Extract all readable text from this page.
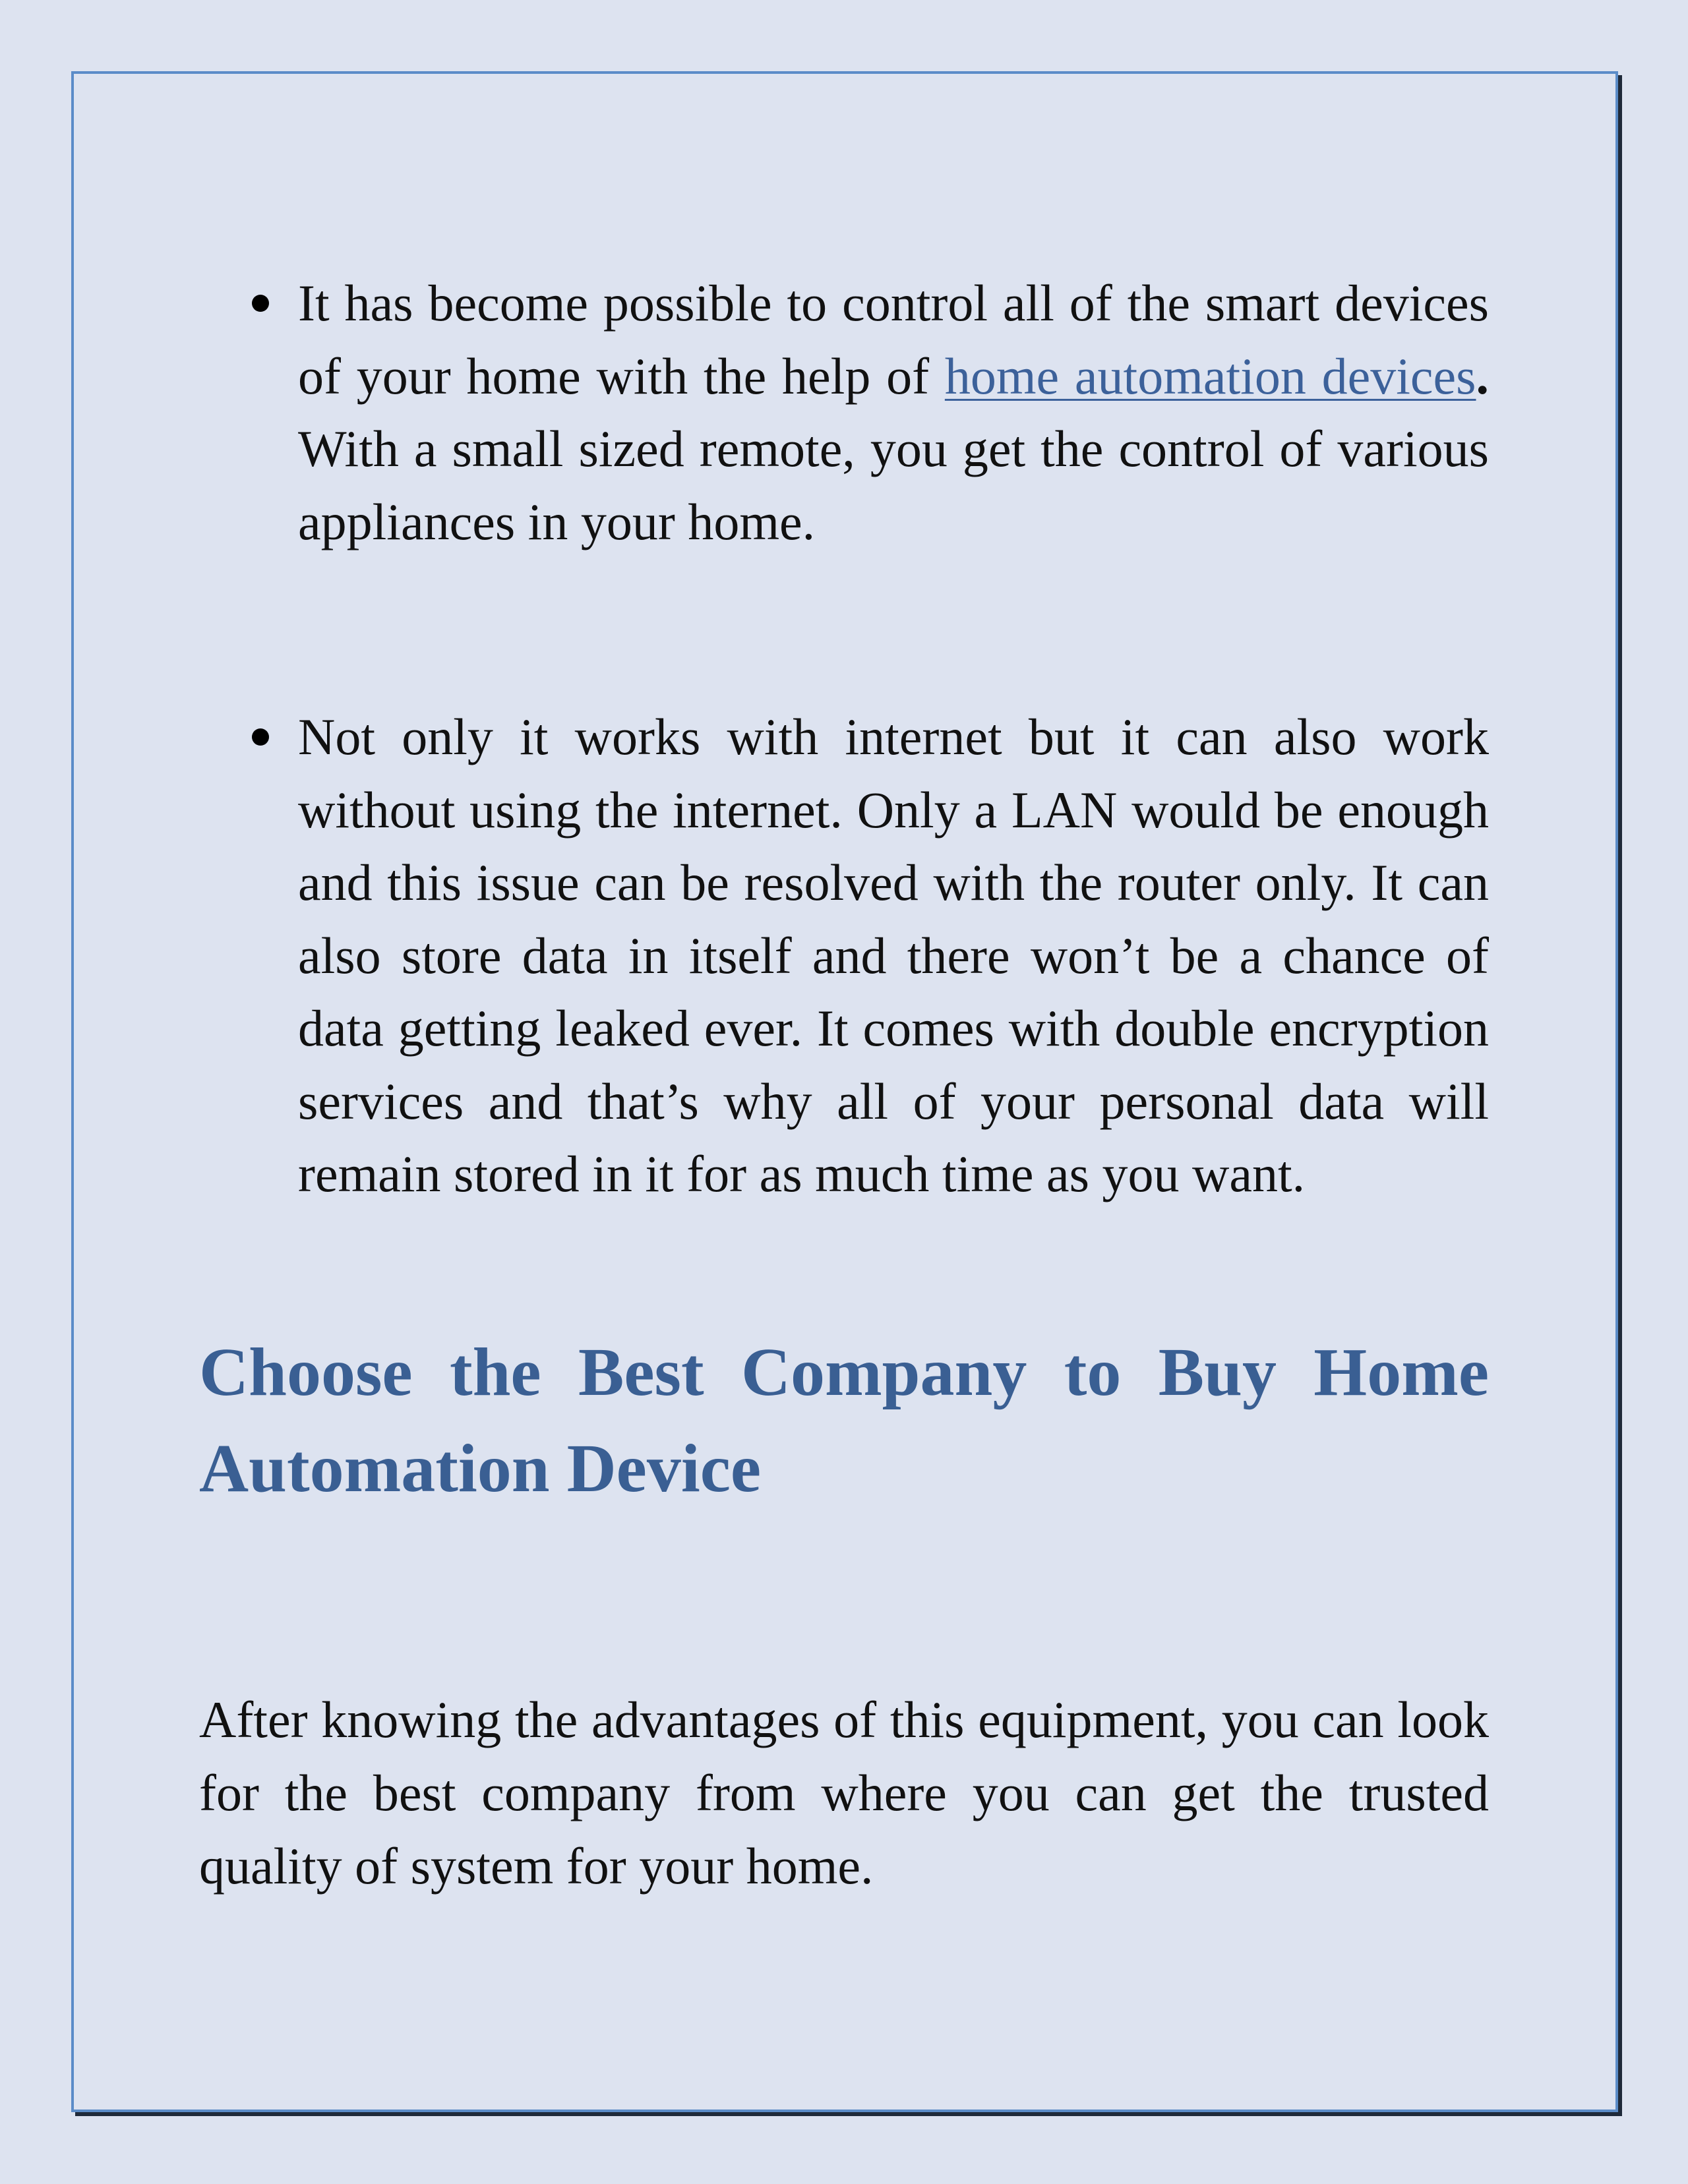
It has become possible to control all of the smart devices of your home with the help of home automation devices. With a small sized remote, you get the control of various appliances in your home.
Not only it works with internet but it can also work without using the internet. Only a LAN would be enough and this issue can be resolved with the router only. It can also store data in itself and there won’t be a chance of data getting leaked ever. It comes with double encryption services and that’s why all of your personal data will remain stored in it for as much time as you want.
Choose the Best Company to Buy Home Automation Device

After knowing the advantages of this equipment, you can look for the best company from where you can get the trusted quality of system for your home.
